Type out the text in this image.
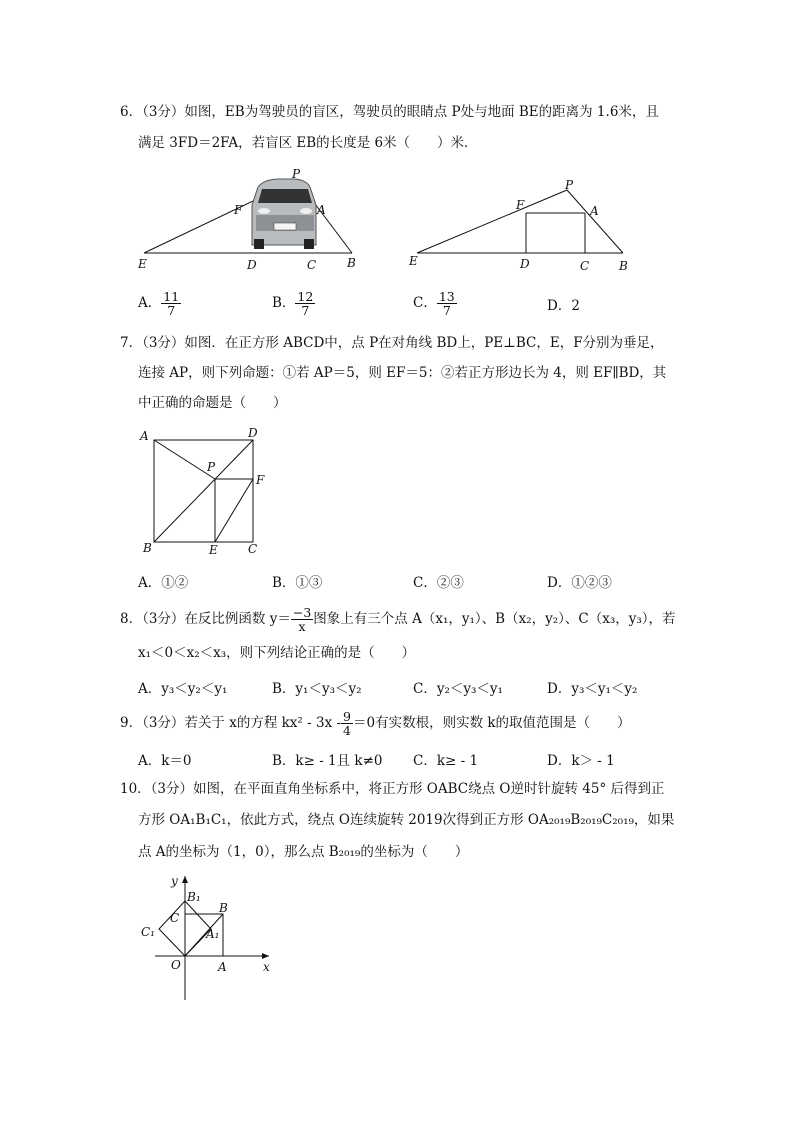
6．（3分）如图，EB为驾驶员的盲区，驾驶员的眼睛点 P处与地面 BE的距离为 1.6米，且
满足 3FD＝2FA，若盲区 EB的长度是 6米（　　）米．
P
F	A
E	D	C	B
P
F	A
E	D	C B
A． $\frac{11}{7}$	B． $\frac{12}{7}$	C． $\frac{13}{7}$	D．2
7．（3分）如图．在正方形 ABCD中，点 P在对角线 BD上，PE⊥BC，E，F分别为垂足，
连接 AP，则下列命题：①若 AP＝5，则 EF＝5：②若正方形边长为 4，则 EF∥BD，其
中正确的命题是（　　）
A	D
P
F
B	E	C
A．①②	B．①③	C．②③	D．①②③
8．（3分）在反比例函数 $y= \frac{-3}{x}$ 图象上有三个点 A（x₁，y₁）、B（x₂，y₂）、C（x₃，y₃），若
x₁＜0＜x₂＜x₃，则下列结论正确的是（　　）
A．y₃＜y₂＜y₁	B．y₁＜y₃＜y₂	C．y₂＜y₃＜y₁	D．y₃＜y₁＜y₂
9．（3分）若关于 x的方程 $kx^2 - 3x - \frac{9}{4} =0$有实数根，则实数 k的取值范围是（　　）
A．k＝0	B．k≥ - 1且 k≠0 C．k≥ - 1	D．k＞ - 1
10．（3分）如图，在平面直角坐标系中，将正方形 OABC绕点 O逆时针旋转 45° 后得到正
方形 OA₁B₁C₁，依此方式，绕点 O连续旋转 2019次得到正方形 OA₂₀₁₉B₂₀₁₉C₂₀₁₉，如果
点 A的坐标为（1，0），那么点 B₂₀₁₉的坐标为（　　）
y
B₁
B
C
C₁	A₁
O	A	x
